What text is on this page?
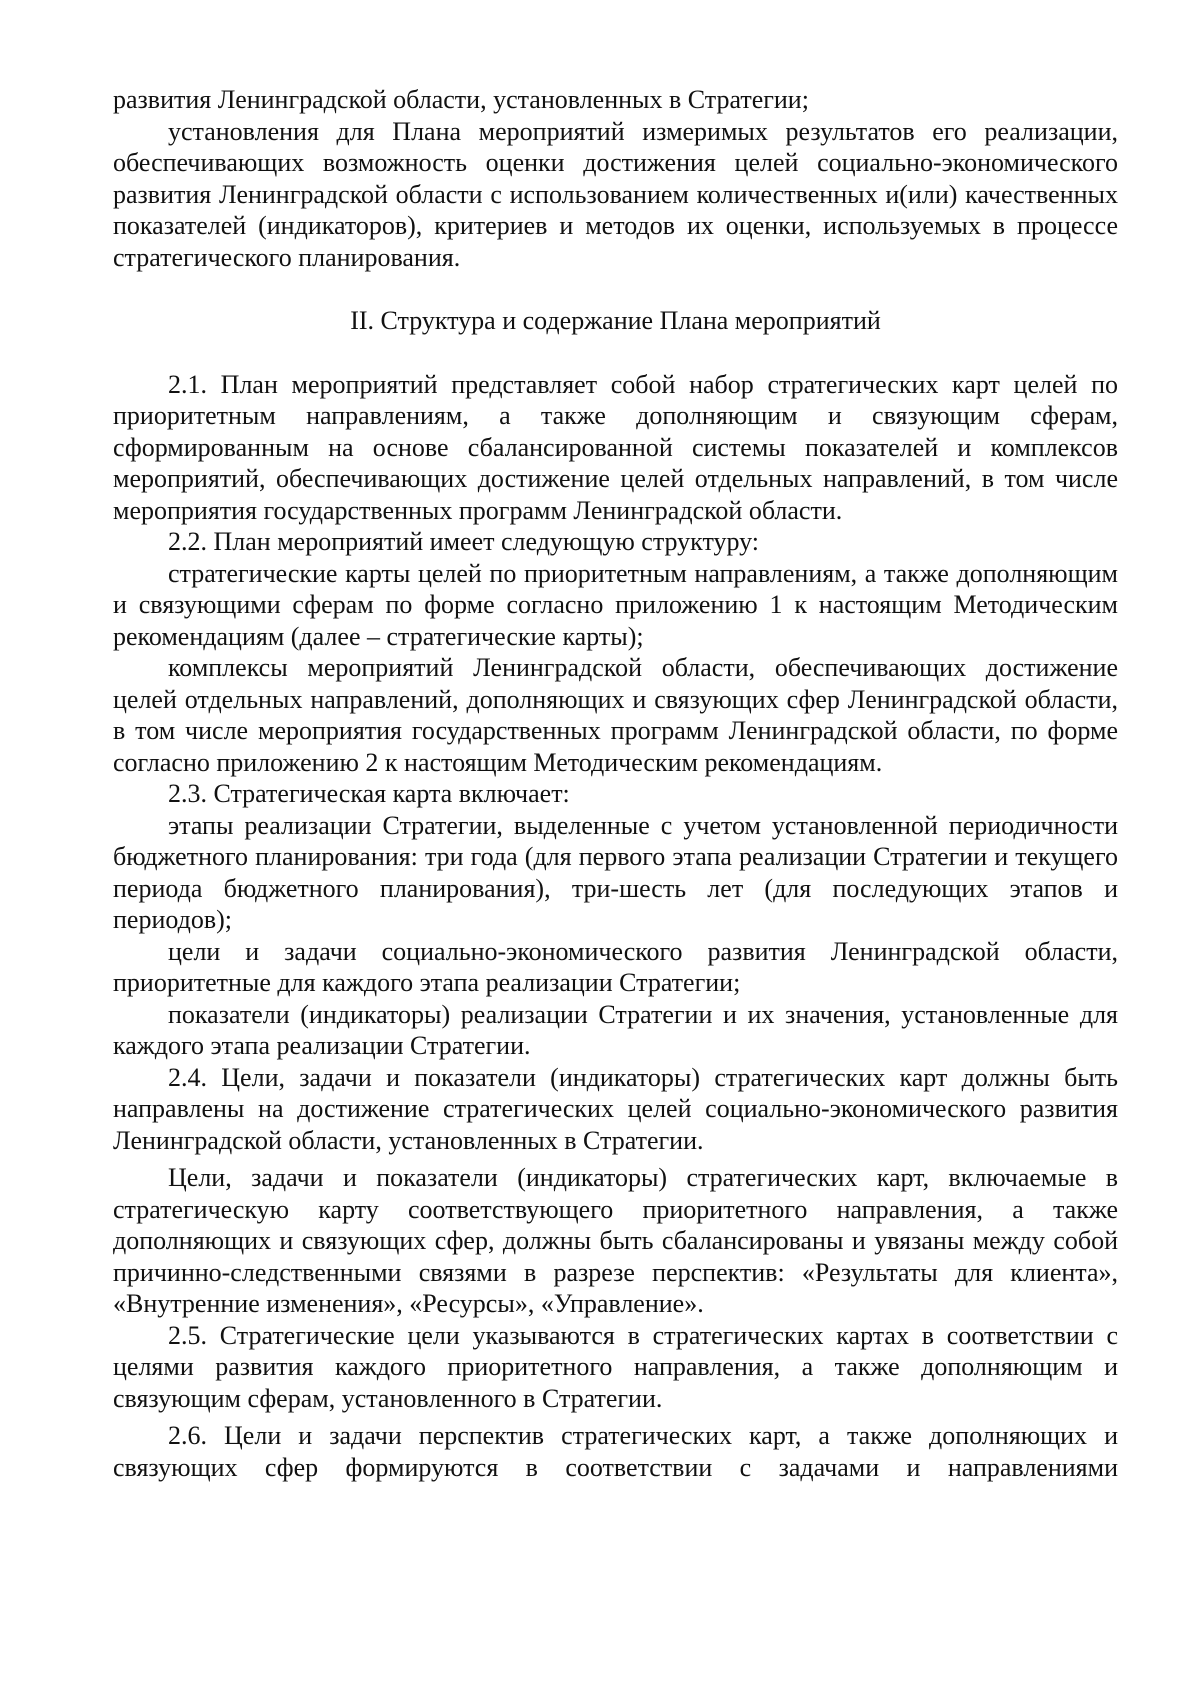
развития Ленинградской области, установленных в Стратегии;

установления для Плана мероприятий измеримых результатов его реализации, обеспечивающих возможность оценки достижения целей социально-экономического развития Ленинградской области с использованием количественных и(или) качественных показателей (индикаторов), критериев и методов их оценки, используемых в процессе стратегического планирования.

II. Структура и содержание Плана мероприятий

2.1. План мероприятий представляет собой набор стратегических карт целей по приоритетным направлениям, а также дополняющим и связующим сферам, сформированным на основе сбалансированной системы показателей и комплексов мероприятий, обеспечивающих достижение целей отдельных направлений, в том числе мероприятия государственных программ Ленинградской области.

2.2. План мероприятий имеет следующую структуру:

стратегические карты целей по приоритетным направлениям, а также дополняющим и связующими сферам по форме согласно приложению 1 к настоящим Методическим рекомендациям (далее – стратегические карты);

комплексы мероприятий Ленинградской области, обеспечивающих достижение целей отдельных направлений, дополняющих и связующих сфер Ленинградской области, в том числе мероприятия государственных программ Ленинградской области, по форме согласно приложению 2 к настоящим Методическим рекомендациям.

2.3. Стратегическая карта включает:

этапы реализации Стратегии, выделенные с учетом установленной периодичности бюджетного планирования: три года (для первого этапа реализации Стратегии и текущего периода бюджетного планирования), три-шесть лет (для последующих этапов и периодов);

цели и задачи социально-экономического развития Ленинградской области, приоритетные для каждого этапа реализации Стратегии;

показатели (индикаторы) реализации Стратегии и их значения, установленные для каждого этапа реализации Стратегии.

2.4. Цели, задачи и показатели (индикаторы) стратегических карт должны быть направлены на достижение стратегических целей социально-экономического развития Ленинградской области, установленных в Стратегии.

Цели, задачи и показатели (индикаторы) стратегических карт, включаемые в стратегическую карту соответствующего приоритетного направления, а также дополняющих и связующих сфер, должны быть сбалансированы и увязаны между собой причинно-следственными связями в разрезе перспектив: «Результаты для клиента», «Внутренние изменения», «Ресурсы», «Управление».

2.5. Стратегические цели указываются в стратегических картах в соответствии с целями развития каждого приоритетного направления, а также дополняющим и связующим сферам, установленного в Стратегии.

2.6. Цели и задачи перспектив стратегических карт, а также дополняющих и связующих сфер формируются в соответствии с задачами и направлениями
